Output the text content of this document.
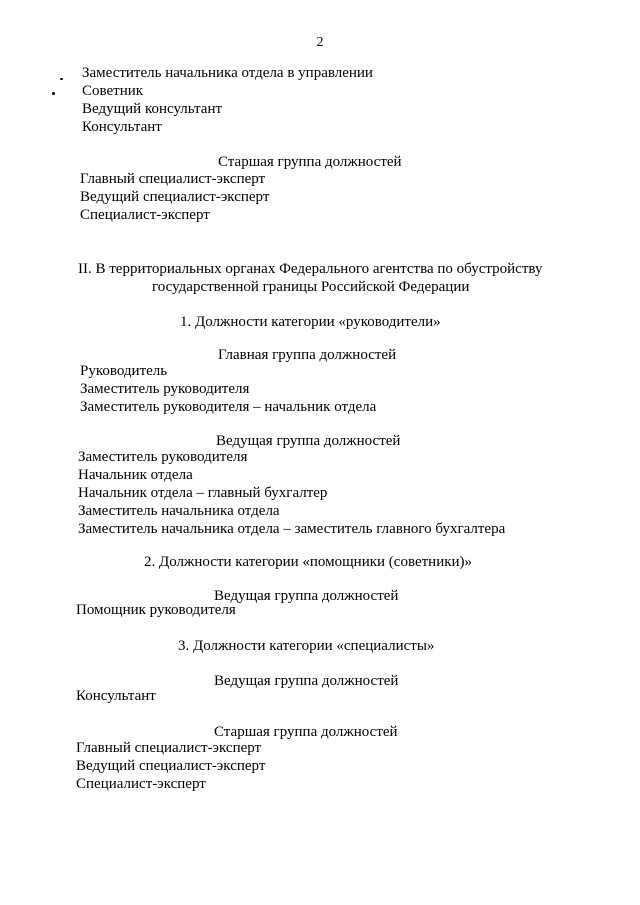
2
Заместитель начальника отдела в управлении
Советник
Ведущий консультант
Консультант
Старшая группа должностей
Главный специалист-эксперт
Ведущий специалист-эксперт
Специалист-эксперт
II. В территориальных органах Федерального агентства по обустройству
государственной границы Российской Федерации
1. Должности категории «руководители»
Главная группа должностей
Руководитель
Заместитель руководителя
Заместитель руководителя – начальник отдела
Ведущая группа должностей
Заместитель руководителя
Начальник отдела
Начальник отдела – главный бухгалтер
Заместитель начальника отдела
Заместитель начальника отдела – заместитель главного бухгалтера
2. Должности категории «помощники (советники)»
Ведущая группа должностей
Помощник руководителя
3. Должности категории «специалисты»
Ведущая группа должностей
Консультант
Старшая группа должностей
Главный специалист-эксперт
Ведущий специалист-эксперт
Специалист-эксперт
